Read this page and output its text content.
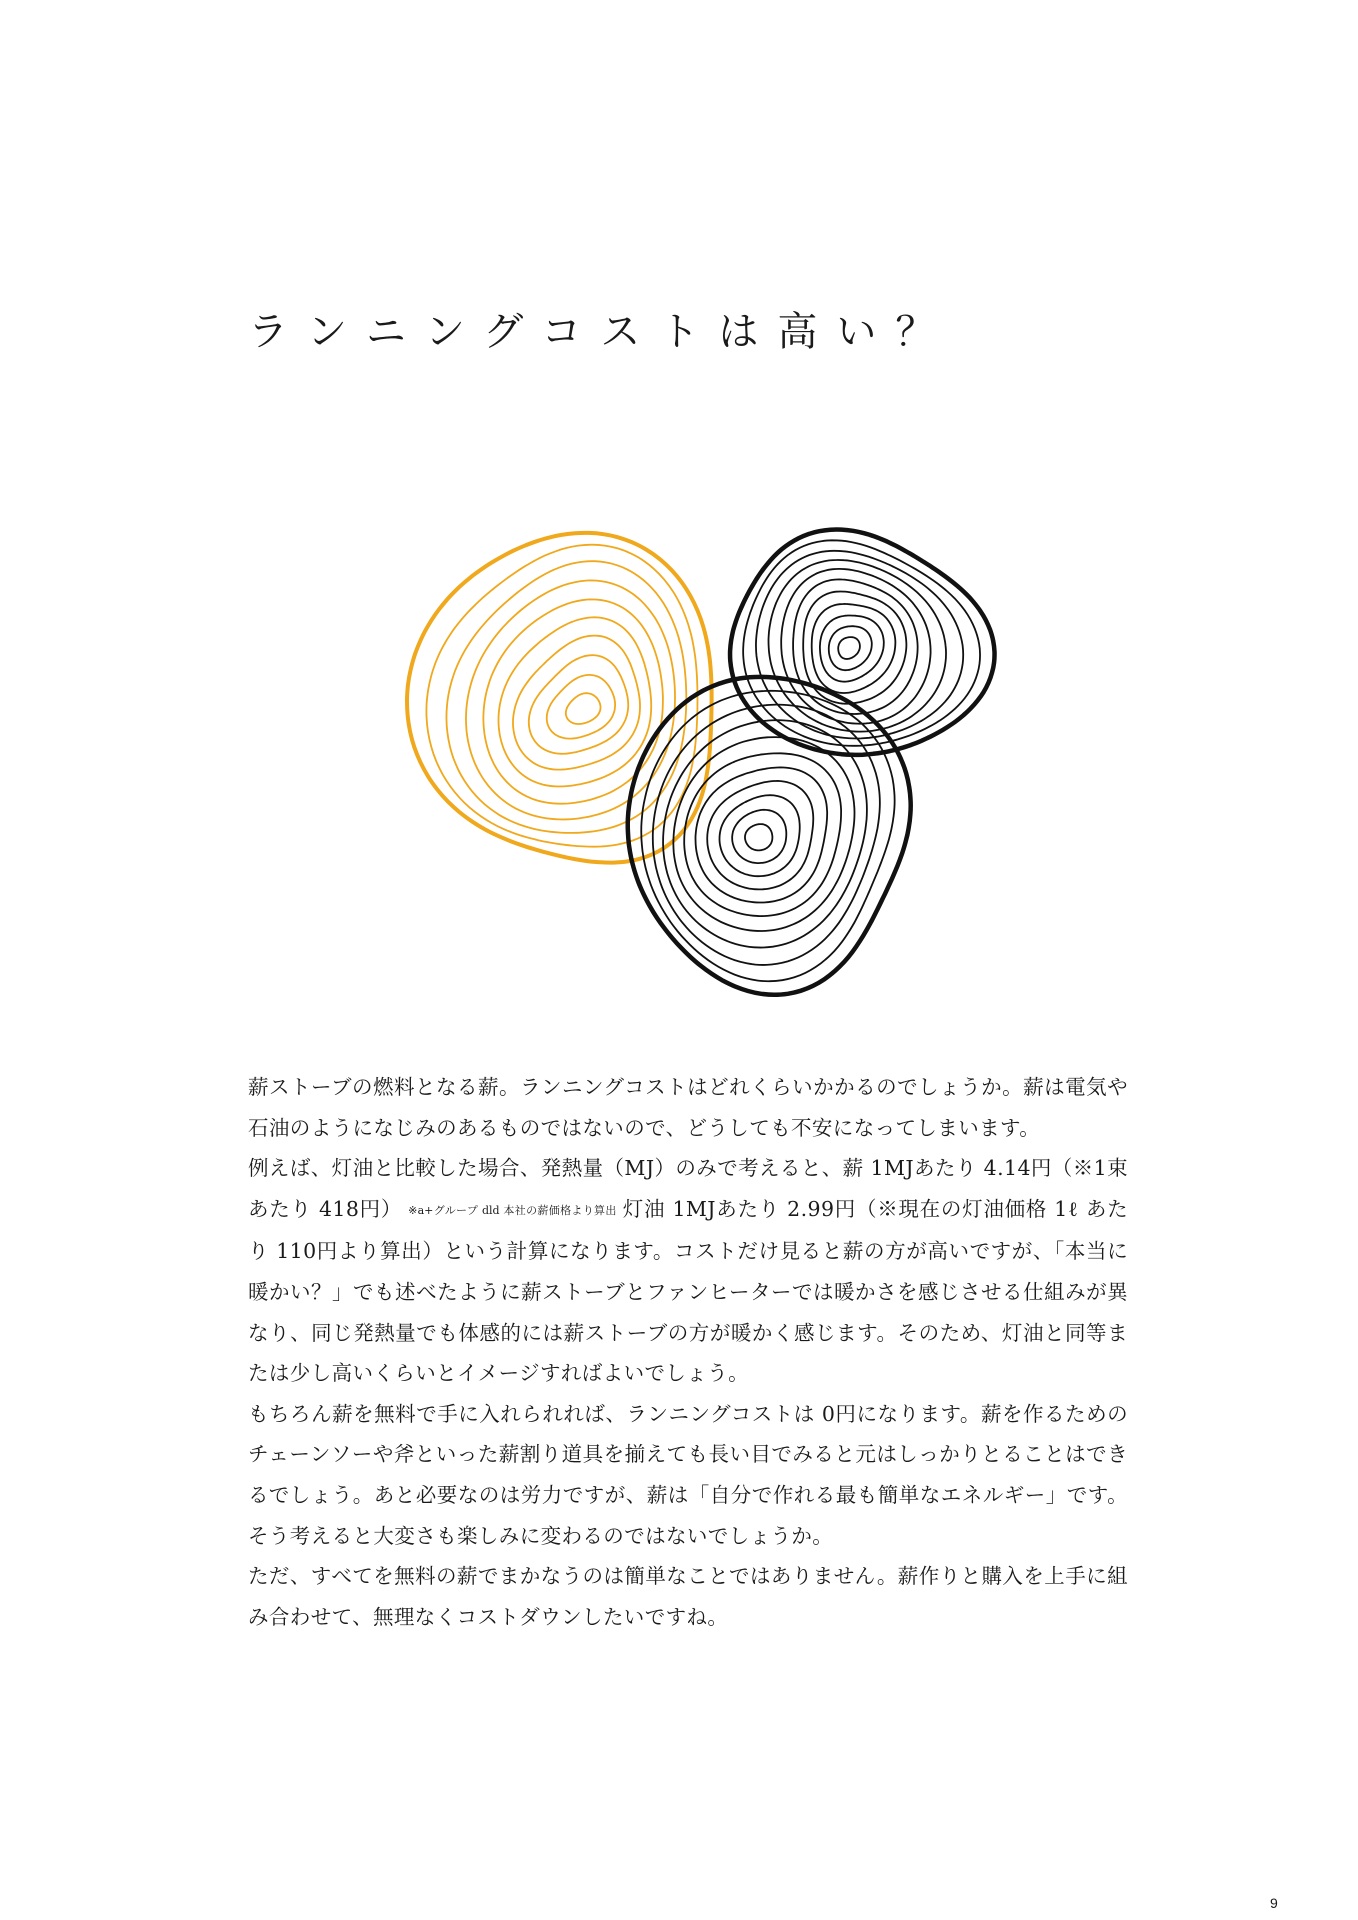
ランニングコストは高い？

薪ストーブの燃料となる薪。ランニングコストはどれくらいかかるのでしょうか。薪は電気や石油のようになじみのあるものではないので、どうしても不安になってしまいます。

例えば、灯油と比較した場合、発熱量（MJ）のみで考えると、薪 1MJあたり 4.14円（※1束あたり 418円） ※a+グループ dld 本社の薪価格より算出 灯油 1MJあたり 2.99円（※現在の灯油価格 1ℓ あたり 110円より算出）という計算になります。コストだけ見ると薪の方が高いですが、「本当に暖かい？」でも述べたように薪ストーブとファンヒーターでは暖かさを感じさせる仕組みが異なり、同じ発熱量でも体感的には薪ストーブの方が暖かく感じます。そのため、灯油と同等または少し高いくらいとイメージすればよいでしょう。

もちろん薪を無料で手に入れられれば、ランニングコストは 0円になります。薪を作るためのチェーンソーや斧といった薪割り道具を揃えても長い目でみると元はしっかりとることはできるでしょう。あと必要なのは労力ですが、薪は「自分で作れる最も簡単なエネルギー」です。そう考えると大変さも楽しみに変わるのではないでしょうか。

ただ、すべてを無料の薪でまかなうのは簡単なことではありません。薪作りと購入を上手に組み合わせて、無理なくコストダウンしたいですね。

9
